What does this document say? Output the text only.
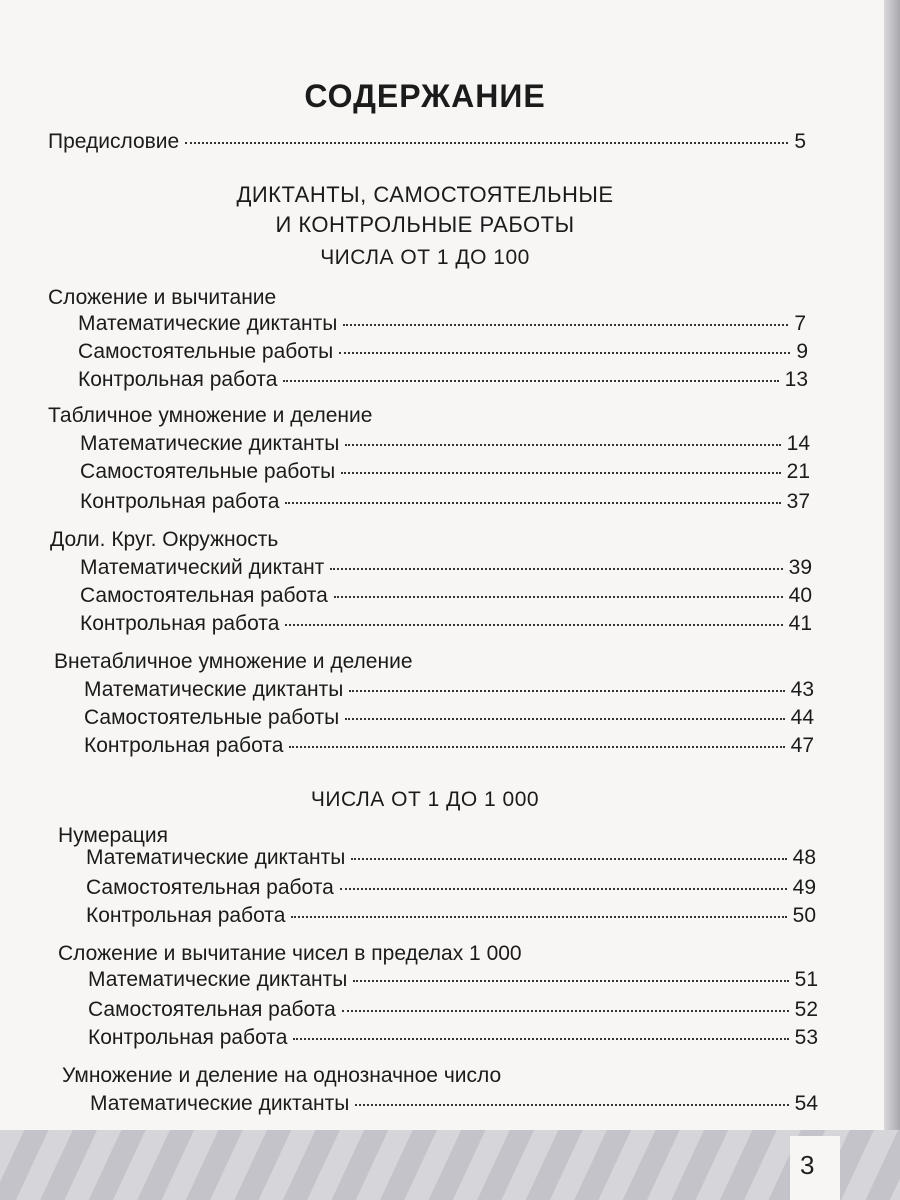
3
СОДЕРЖАНИЕ
Предисловие	5
ДИКТАНТЫ, САМОСТОЯТЕЛЬНЫЕ
И КОНТРОЛЬНЫЕ РАБОТЫ
ЧИСЛА ОТ 1 ДО 100
Сложение и вычитание
Математические диктанты	7
Самостоятельные работы	9
Контрольная работа	13
Табличное умножение и деление
Математические диктанты	14
Самостоятельные работы	21
Контрольная работа	37
Доли. Круг. Окружность
Математический диктант	39
Самостоятельная работа	40
Контрольная работа	41
Внетабличное умножение и деление
Математические диктанты	43
Самостоятельные работы	44
Контрольная работа	47
ЧИСЛА ОТ 1 ДО 1 000
Нумерация
Математические диктанты	48
Самостоятельная работа	49
Контрольная работа	50
Сложение и вычитание чисел в пределах 1 000
Математические диктанты	51
Самостоятельная работа	52
Контрольная работа	53
Умножение и деление на однозначное число
Математические диктанты	54
